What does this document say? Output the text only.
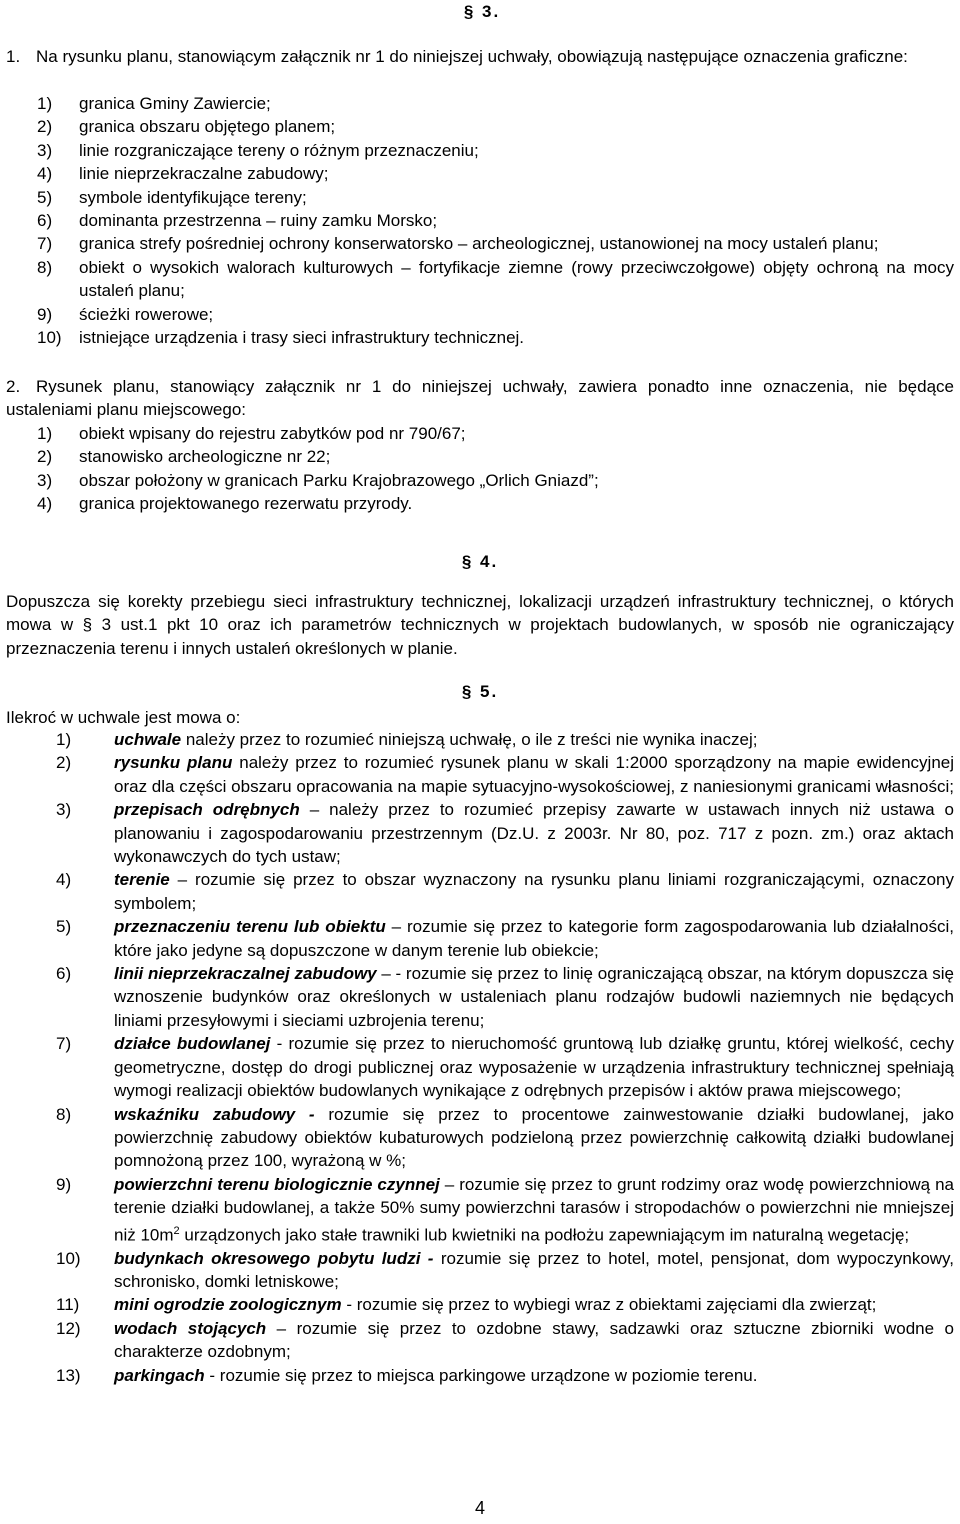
§ 3.

1. Na rysunku planu, stanowiącym załącznik nr 1 do niniejszej uchwały, obowiązują następujące oznaczenia graficzne:

1) granica Gminy Zawiercie;
2) granica obszaru objętego planem;
3) linie rozgraniczające tereny o różnym przeznaczeniu;
4) linie nieprzekraczalne zabudowy;
5) symbole identyfikujące tereny;
6) dominanta przestrzenna – ruiny zamku Morsko;
7) granica strefy pośredniej ochrony konserwatorsko – archeologicznej, ustanowionej na mocy ustaleń planu;
8) obiekt o wysokich walorach kulturowych – fortyfikacje ziemne (rowy przeciwczołgowe) objęty ochroną na mocy ustaleń planu;
9) ścieżki rowerowe;
10) istniejące urządzenia i trasy sieci infrastruktury technicznej.

2. Rysunek planu, stanowiący załącznik nr 1 do niniejszej uchwały, zawiera ponadto inne oznaczenia, nie będące ustaleniami planu miejscowego:

1) obiekt wpisany do rejestru zabytków pod nr 790/67;
2) stanowisko archeologiczne nr 22;
3) obszar położony w granicach Parku Krajobrazowego „Orlich Gniazd”;
4) granica projektowanego rezerwatu przyrody.
§ 4.

Dopuszcza się korekty przebiegu sieci infrastruktury technicznej, lokalizacji urządzeń infrastruktury technicznej, o których mowa w § 3 ust.1 pkt 10 oraz ich parametrów technicznych w projektach budowlanych, w sposób nie ograniczający przeznaczenia terenu i innych ustaleń określonych w planie.

§ 5.

Ilekroć w uchwale jest mowa o:

1)	uchwale należy przez to rozumieć niniejszą uchwałę, o ile z treści nie wynika inaczej;
2)	rysunku planu należy przez to rozumieć rysunek planu w skali 1:2000 sporządzony na mapie ewidencyjnej oraz dla części obszaru opracowania na mapie sytuacyjno-wysokościowej, z naniesionymi granicami własności;
3)	przepisach odrębnych – należy przez to rozumieć przepisy zawarte w ustawach innych niż ustawa o planowaniu i zagospodarowaniu przestrzennym (Dz.U. z 2003r. Nr 80, poz. 717 z pozn. zm.) oraz aktach wykonawczych do tych ustaw;
4)	terenie – rozumie się przez to obszar wyznaczony na rysunku planu liniami rozgraniczającymi, oznaczony symbolem;
5)	przeznaczeniu terenu lub obiektu – rozumie się przez to kategorie form zagospodarowania lub działalności, które jako jedyne są dopuszczone w danym terenie lub obiekcie;
6)	linii nieprzekraczalnej zabudowy – - rozumie się przez to linię ograniczającą obszar, na którym dopuszcza się wznoszenie budynków oraz określonych w ustaleniach planu rodzajów budowli naziemnych nie będących liniami przesyłowymi i sieciami uzbrojenia terenu;
7)	działce budowlanej - rozumie się przez to nieruchomość gruntową lub działkę gruntu, której wielkość, cechy geometryczne, dostęp do drogi publicznej oraz wyposażenie w urządzenia infrastruktury technicznej spełniają wymogi realizacji obiektów budowlanych wynikające z odrębnych przepisów i aktów prawa miejscowego;
8)	wskaźniku zabudowy - rozumie się przez to procentowe zainwestowanie działki budowlanej, jako powierzchnię zabudowy obiektów kubaturowych podzieloną przez powierzchnię całkowitą działki budowlanej pomnożoną przez 100, wyrażoną w %;
9)	powierzchni terenu biologicznie czynnej – rozumie się przez to grunt rodzimy oraz wodę powierzchniową na terenie działki budowlanej, a także 50% sumy powierzchni tarasów i stropodachów o powierzchni nie mniejszej niż $10m^2$ urządzonych jako stałe trawniki lub kwietniki na podłożu zapewniającym im naturalną wegetację;
10) budynkach okresowego pobytu ludzi - rozumie się przez to hotel, motel, pensjonat, dom wypoczynkowy, schronisko, domki letniskowe;
11) mini ogrodzie zoologicznym - rozumie się przez to wybiegi wraz z obiektami zajęciami dla zwierząt;
12) wodach stojących – rozumie się przez to ozdobne stawy, sadzawki oraz sztuczne zbiorniki wodne o charakterze ozdobnym;
13) parkingach - rozumie się przez to miejsca parkingowe urządzone w poziomie terenu.
4
